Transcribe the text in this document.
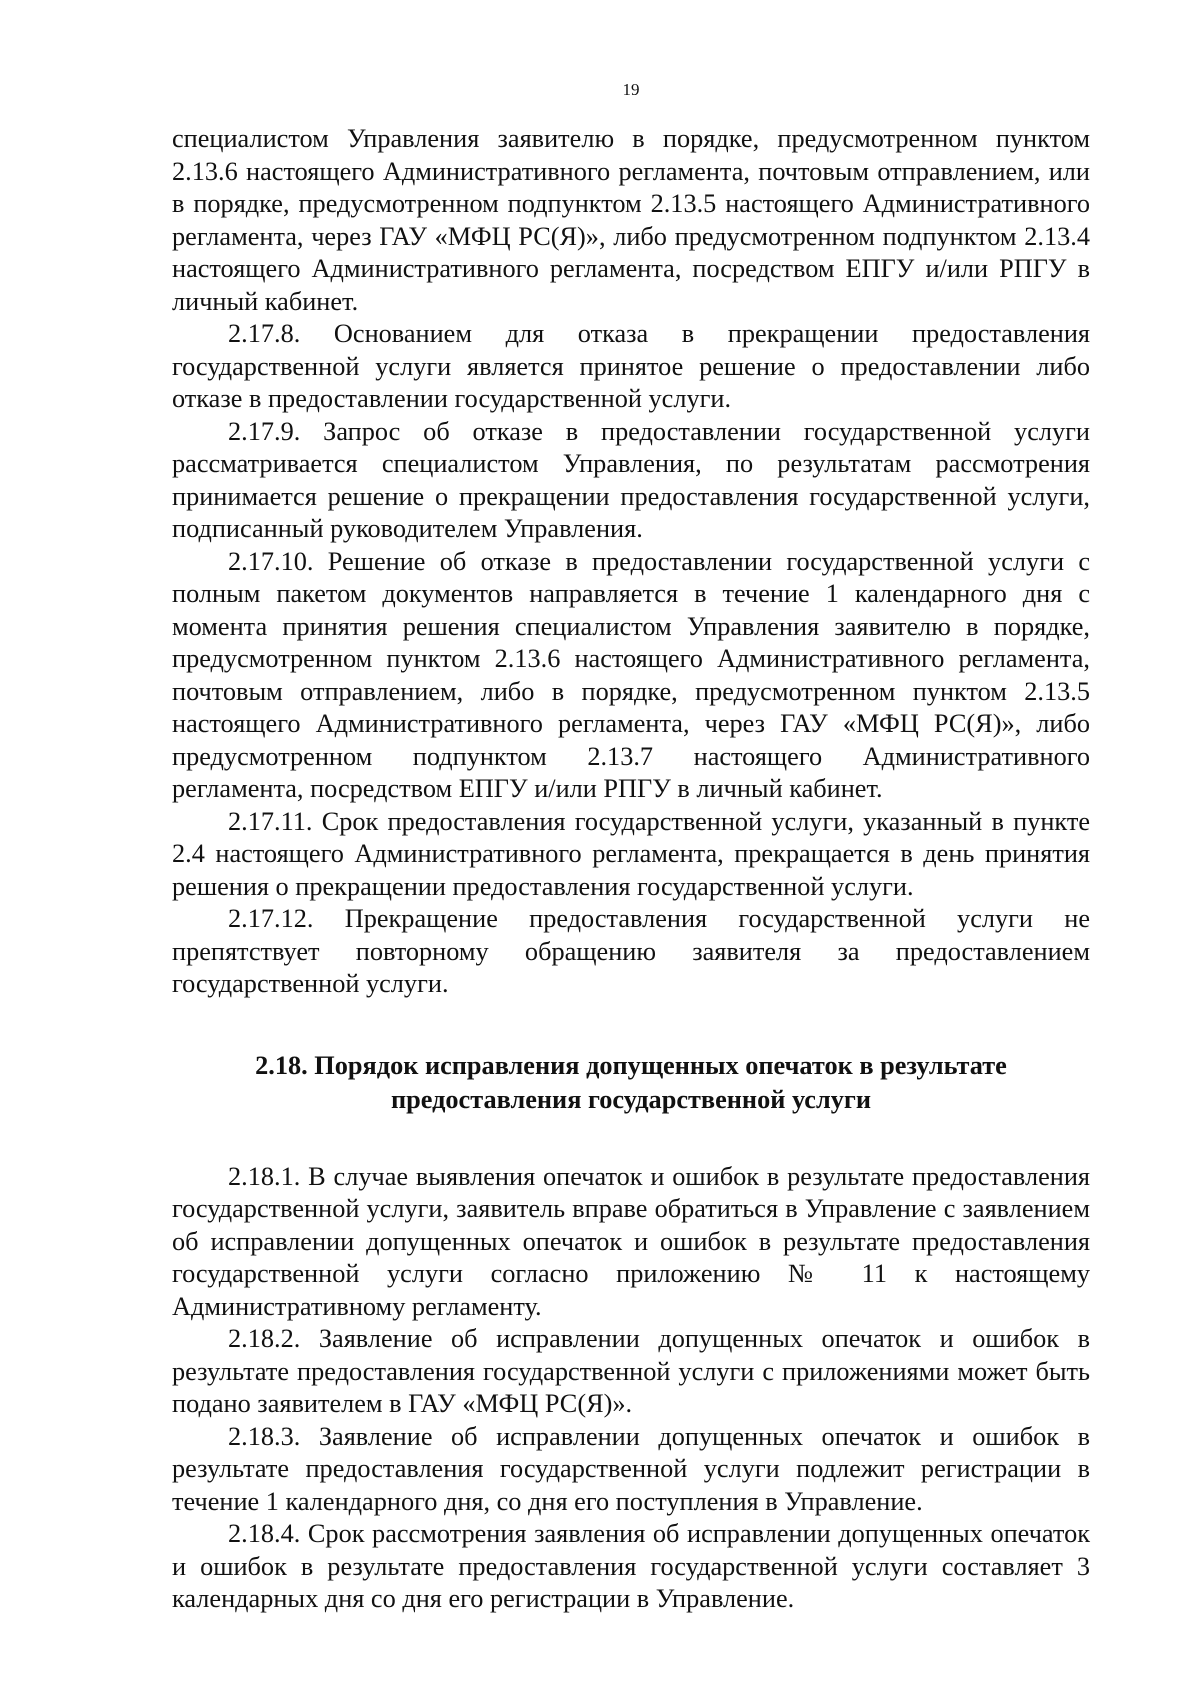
19

специалистом Управления заявителю в порядке, предусмотренном пунктом 2.13.6 настоящего Административного регламента, почтовым отправлением, или в порядке, предусмотренном подпунктом 2.13.5 настоящего Административного регламента, через ГАУ «МФЦ РС(Я)», либо предусмотренном подпунктом 2.13.4 настоящего Административного регламента, посредством ЕПГУ и/или РПГУ в личный кабинет.

2.17.8. Основанием для отказа в прекращении предоставления государственной услуги является принятое решение о предоставлении либо отказе в предоставлении государственной услуги.

2.17.9. Запрос об отказе в предоставлении государственной услуги рассматривается специалистом Управления, по результатам рассмотрения принимается решение о прекращении предоставления государственной услуги, подписанный руководителем Управления.

2.17.10. Решение об отказе в предоставлении государственной услуги с полным пакетом документов направляется в течение 1 календарного дня с момента принятия решения специалистом Управления заявителю в порядке, предусмотренном пунктом 2.13.6 настоящего Административного регламента, почтовым отправлением, либо в порядке, предусмотренном пунктом 2.13.5 настоящего Административного регламента, через ГАУ «МФЦ РС(Я)», либо предусмотренном подпунктом 2.13.7 настоящего Административного регламента, посредством ЕПГУ и/или РПГУ в личный кабинет.

2.17.11. Срок предоставления государственной услуги, указанный в пункте 2.4 настоящего Административного регламента, прекращается в день принятия решения о прекращении предоставления государственной услуги.

2.17.12. Прекращение предоставления государственной услуги не препятствует повторному обращению заявителя за предоставлением государственной услуги.

2.18. Порядок исправления допущенных опечаток в результате
предоставления государственной услуги

2.18.1. В случае выявления опечаток и ошибок в результате предоставления государственной услуги, заявитель вправе обратиться в Управление с заявлением об исправлении допущенных опечаток и ошибок в результате предоставления государственной услуги согласно приложению № 11 к настоящему Административному регламенту.

2.18.2. Заявление об исправлении допущенных опечаток и ошибок в результате предоставления государственной услуги с приложениями может быть подано заявителем в ГАУ «МФЦ РС(Я)».

2.18.3. Заявление об исправлении допущенных опечаток и ошибок в результате предоставления государственной услуги подлежит регистрации в течение 1 календарного дня, со дня его поступления в Управление.

2.18.4. Срок рассмотрения заявления об исправлении допущенных опечаток и ошибок в результате предоставления государственной услуги составляет 3 календарных дня со дня его регистрации в Управление.
